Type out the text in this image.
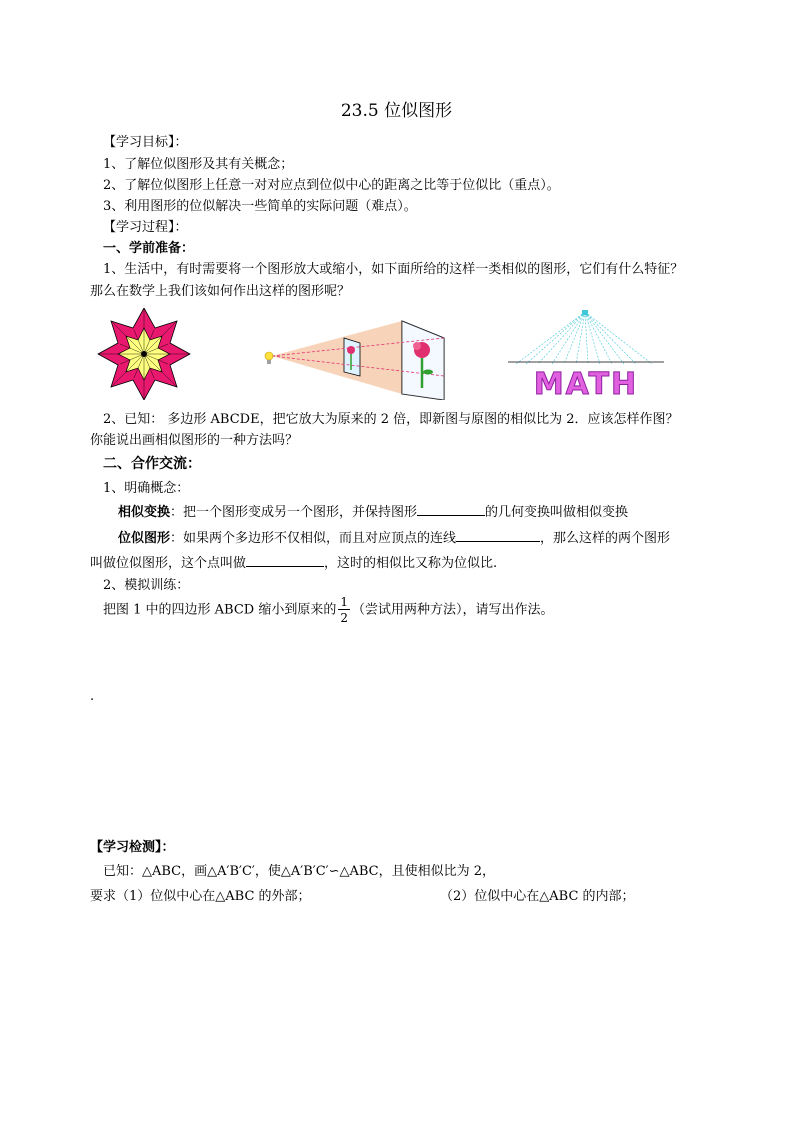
23.5 位似图形
【学习目标】：
1、了解位似图形及其有关概念；
2、了解位似图形上任意一对对应点到位似中心的距离之比等于位似比（重点）。
3、利用图形的位似解决一些简单的实际问题（难点）。
【学习过程】：
一、学前准备：
1、生活中，有时需要将一个图形放大或缩小，如下面所给的这样一类相似的图形，它们有什么特征？
那么在数学上我们该如何作出这样的图形呢？
MATH
2、已知： 多边形 ABCDE，把它放大为原来的 2 倍，即新图与原图的相似比为 2．应该怎样作图？
你能说出画相似图形的一种方法吗？
二、合作交流：
1、明确概念：
相似变换：把一个图形变成另一个图形，并保持图形	的几何变换叫做相似变换
位似图形：如果两个多边形不仅相似，而且对应顶点的连线	，那么这样的两个图形
叫做位似图形，这个点叫做	，这时的相似比又称为位似比.
2、模拟训练：
把图 1 中的四边形 ABCD 缩小到原来的 $\frac{1}{2}$ （尝试用两种方法），请写出作法。
.
【学习检测】：
已知：△ABC，画△A′B′C′，使△A′B′C′∽△ABC，且使相似比为 2，
要求（1）位似中心在△ABC 的外部；	（2）位似中心在△ABC 的内部；
